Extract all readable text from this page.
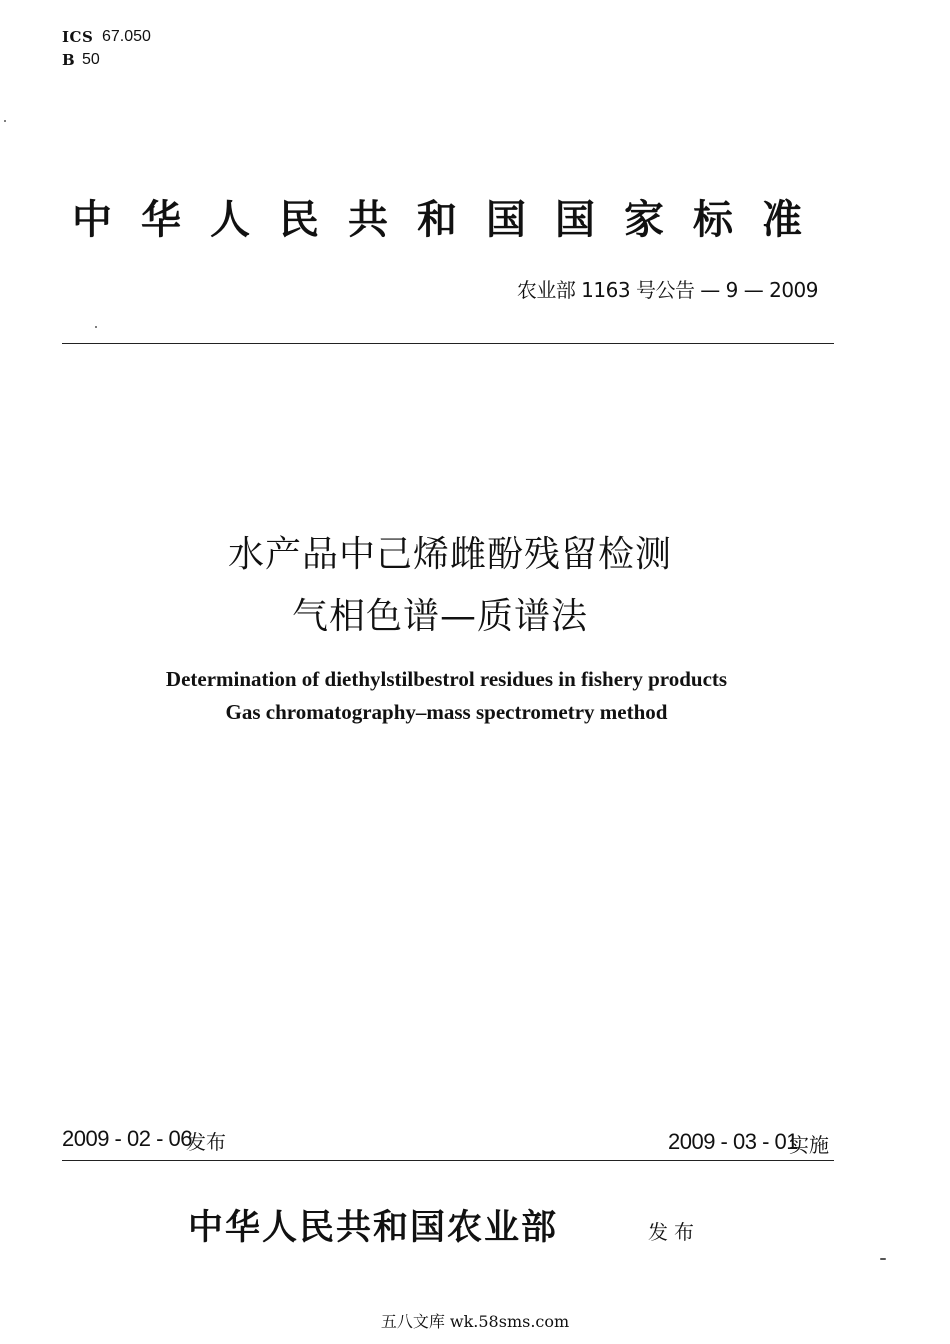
ICS 67.050
B 50
中华人民共和国国家标准
农业部 1163 号公告 — 9 — 2009
水产品中己烯雌酚残留检测
气相色谱—质谱法
Determination of diethylstilbestrol residues in fishery products
Gas chromatography–mass spectrometry method
2009 - 02 - 06
发布	2009 - 03 - 01
实施
中华人民共和国农业部	发布
五八文库 wk.58sms.com
